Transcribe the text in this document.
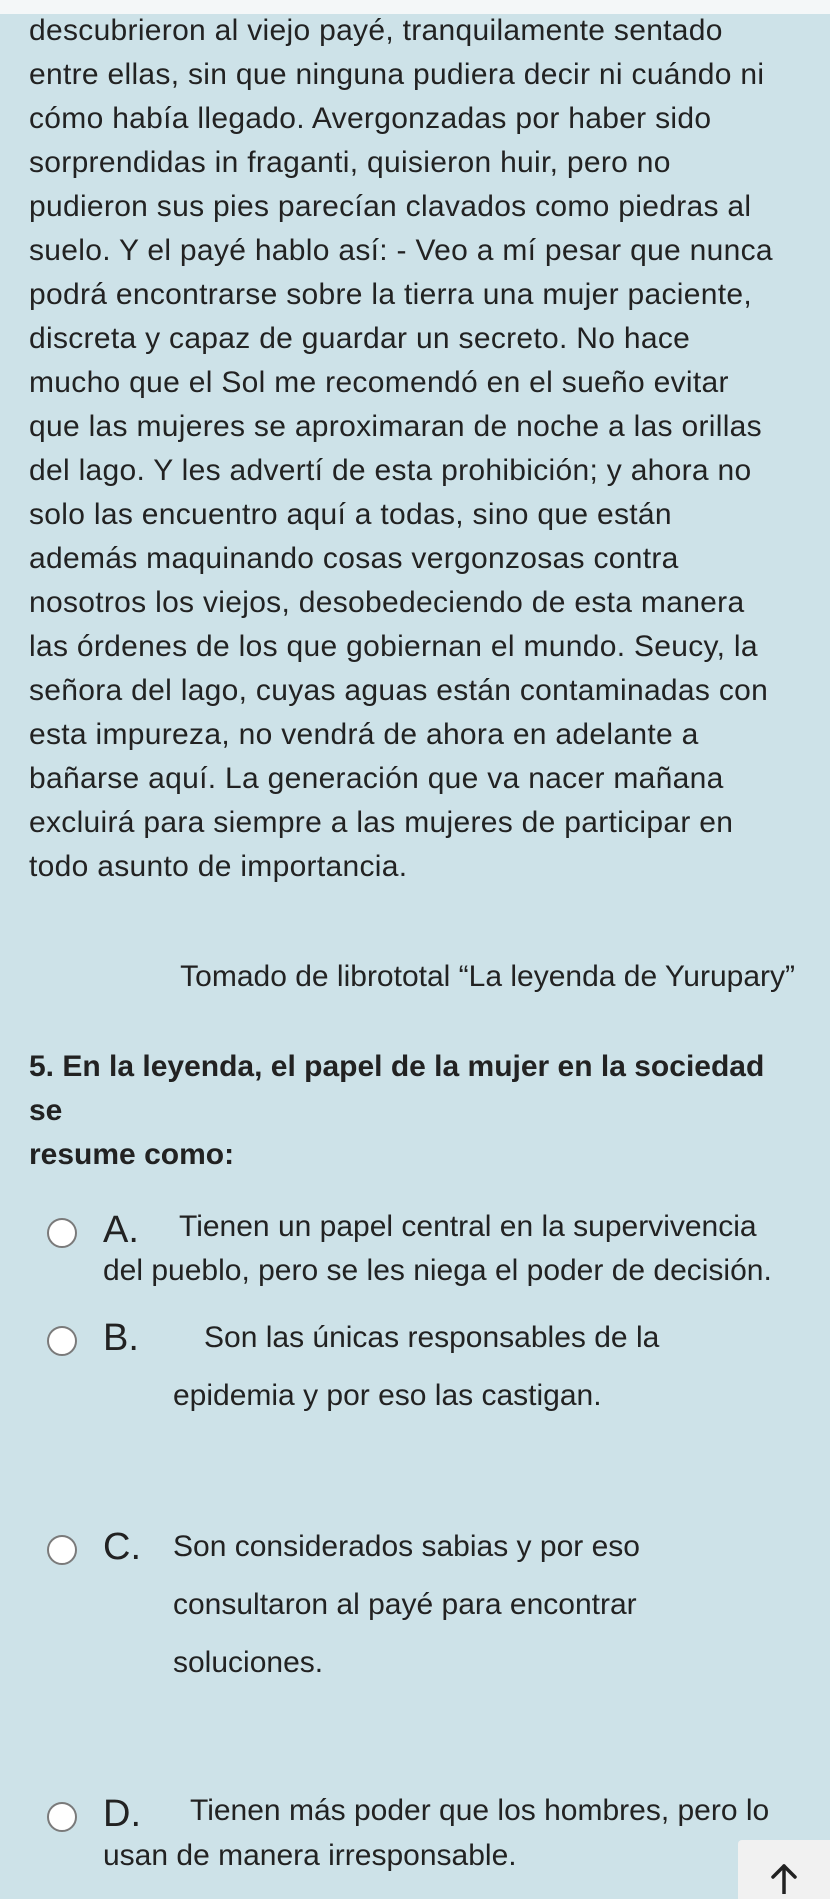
descubrieron al viejo payé, tranquilamente sentado

entre ellas, sin que ninguna pudiera decir ni cuándo ni

cómo había llegado. Avergonzadas por haber sido

sorprendidas in fraganti, quisieron huir, pero no

pudieron sus pies parecían clavados como piedras al

suelo. Y el payé hablo así: - Veo a mí pesar que nunca

podrá encontrarse sobre la tierra una mujer paciente,

discreta y capaz de guardar un secreto. No hace

mucho que el Sol me recomendó en el sueño evitar

que las mujeres se aproximaran de noche a las orillas

del lago. Y les advertí de esta prohibición; y ahora no

solo las encuentro aquí a todas, sino que están

además maquinando cosas vergonzosas contra

nosotros los viejos, desobedeciendo de esta manera

las órdenes de los que gobiernan el mundo. Seucy, la

señora del lago, cuyas aguas están contaminadas con

esta impureza, no vendrá de ahora en adelante a

bañarse aquí. La generación que va nacer mañana

excluirá para siempre a las mujeres de participar en

todo asunto de importancia.

Tomado de librototal “La leyenda de Yurupary”
5. En la leyenda, el papel de la mujer en la sociedad se
resume como:
A. Tienen un papel central en la supervivencia
del pueblo, pero se les niega el poder de decisión.
B. Son las únicas responsables de la
epidemia y por eso las castigan.
C. Son considerados sabias y por eso
consultaron al payé para encontrar
soluciones.
D. Tienen más poder que los hombres, pero lo
usan de manera irresponsable.
